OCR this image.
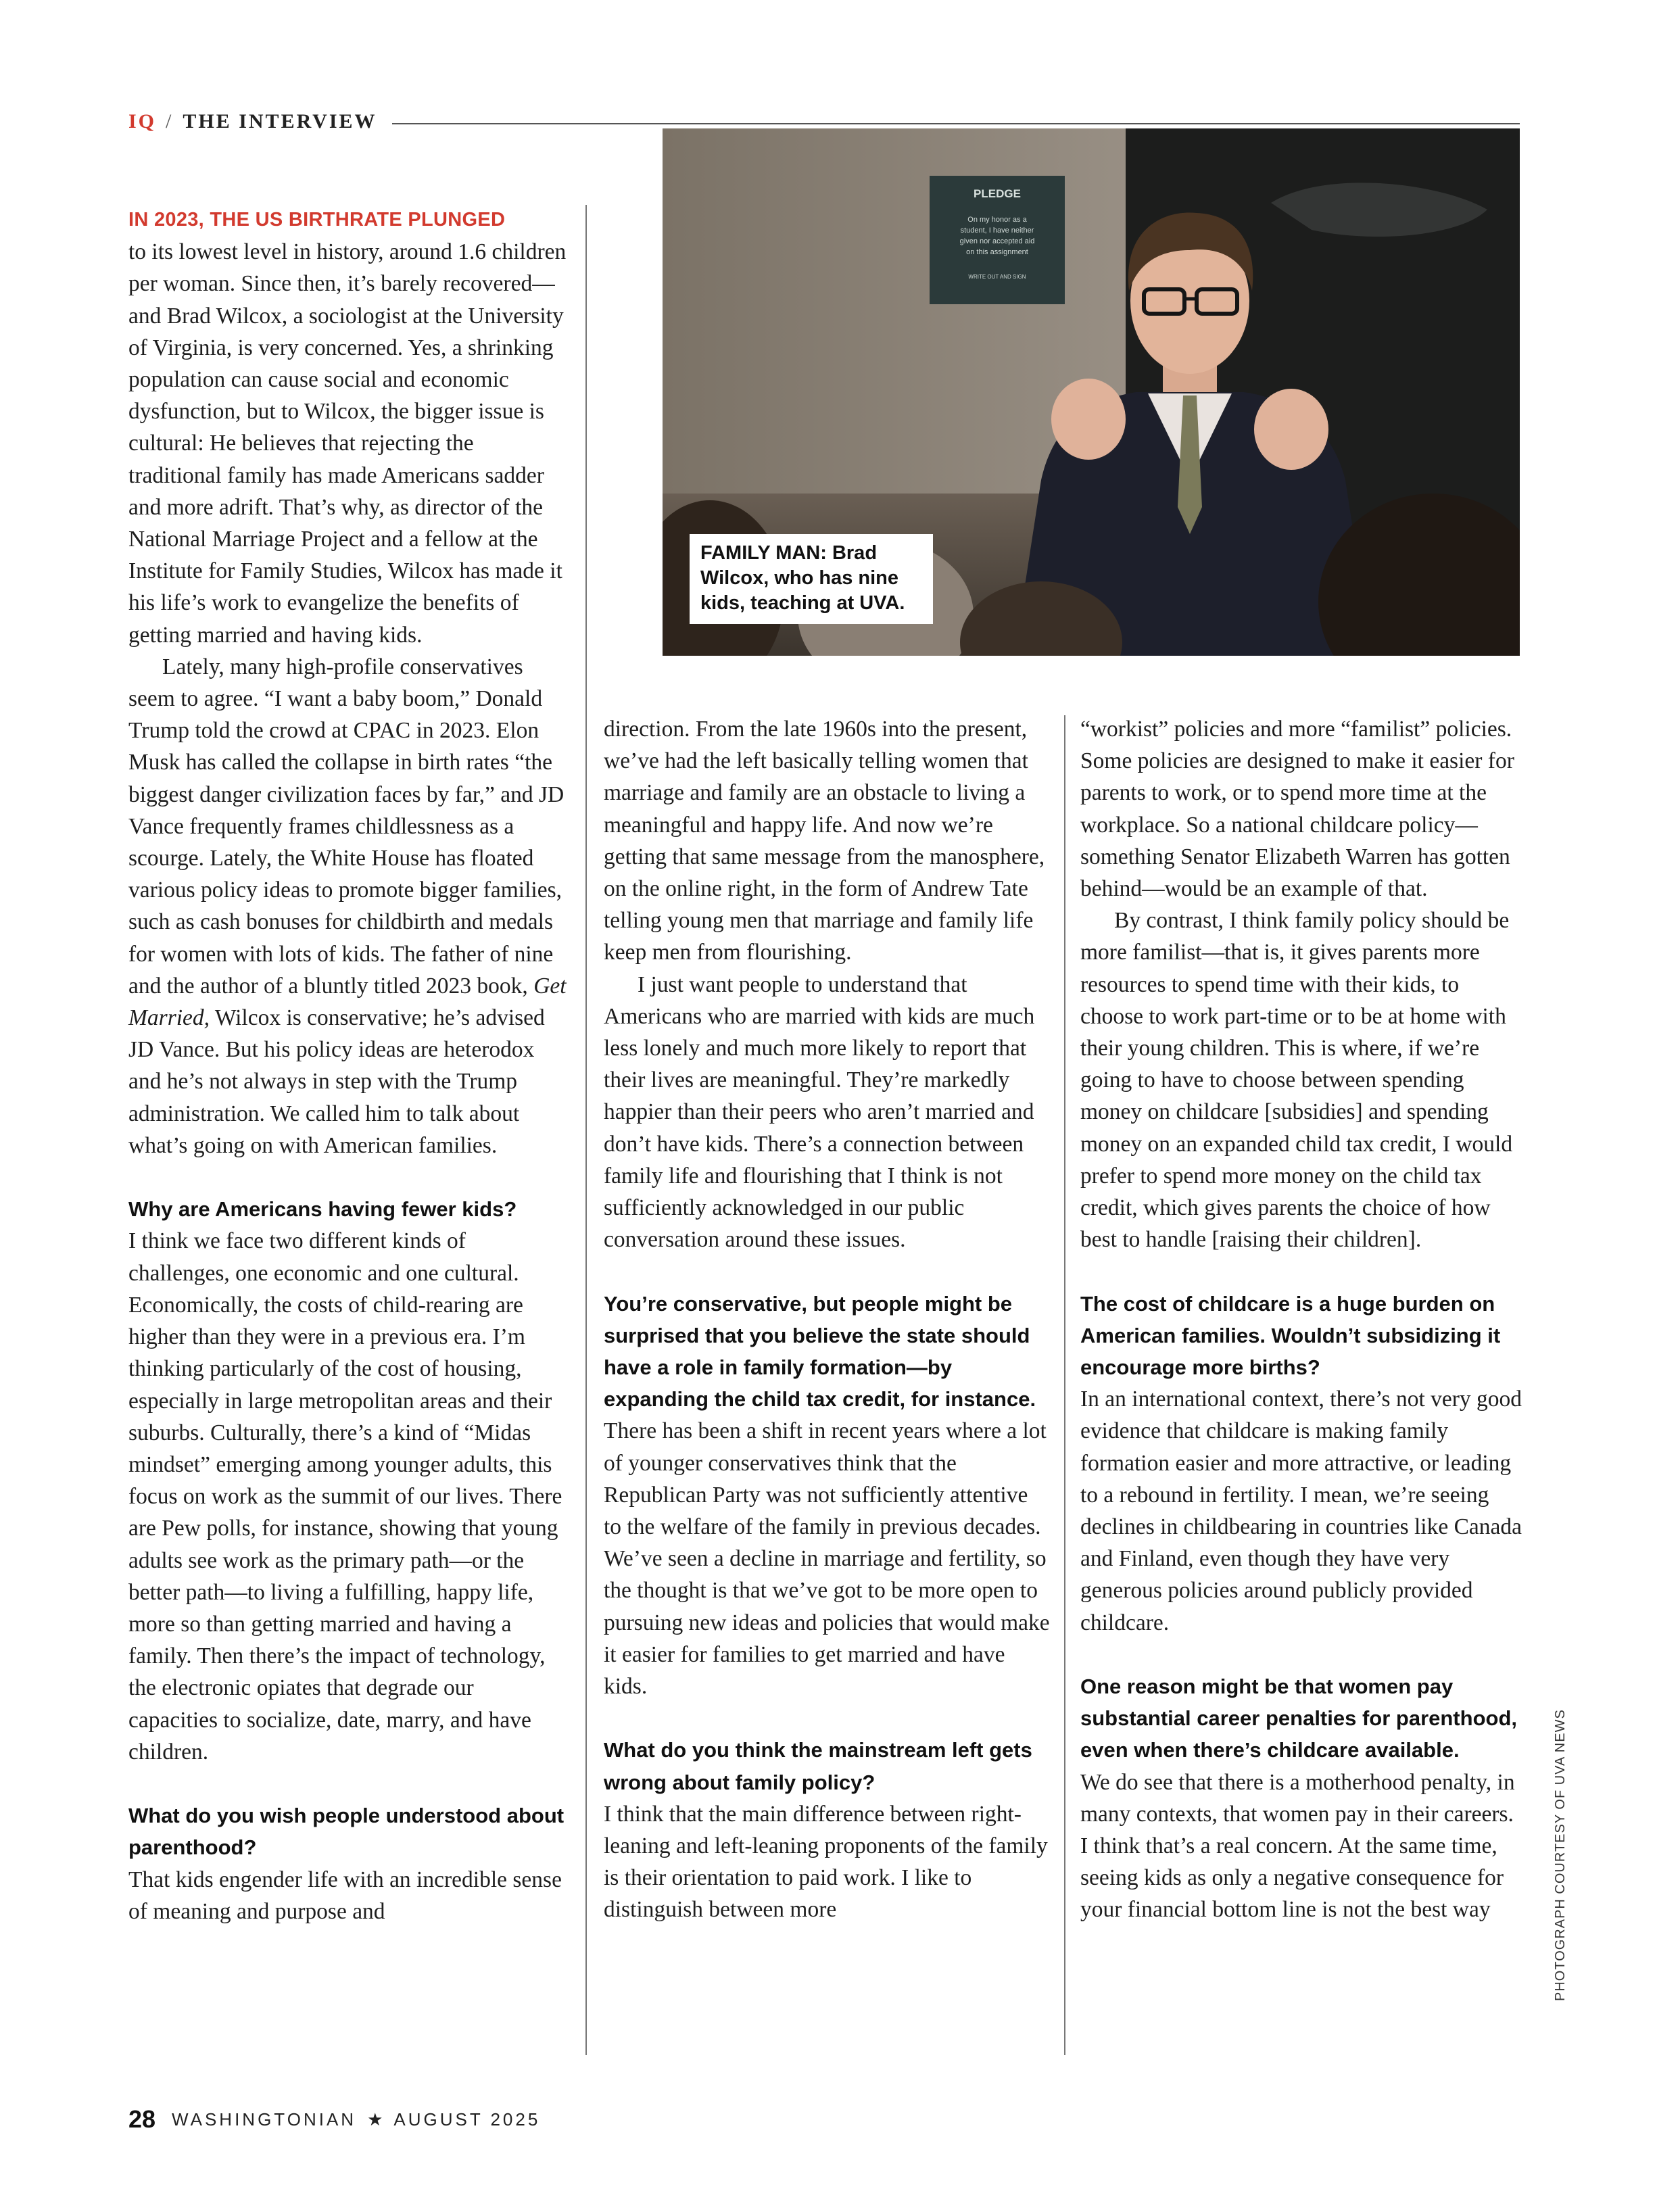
IQ / THE INTERVIEW
PLEDGE
On my honor as a
student, I have neither
given nor accepted aid
on this assignment
WRITE OUT AND SIGN
FAMILY MAN: Brad
Wilcox, who has nine
kids, teaching at UVA.

IN 2023, THE US BIRTHRATE PLUNGED
to its lowest level in history, around 1.6 children per woman. Since then, it’s barely recovered—and Brad Wilcox, a sociologist at the University of Virginia, is very concerned. Yes, a shrinking population can cause social and economic dysfunction, but to Wilcox, the bigger issue is cultural: He believes that rejecting the traditional family has made Americans sadder and more adrift. That’s why, as director of the National Marriage Project and a fellow at the Institute for Family Studies, Wilcox has made it his life’s work to evangelize the benefits of getting married and having kids.

Lately, many high-profile conservatives seem to agree. “I want a baby boom,” Donald Trump told the crowd at CPAC in 2023. Elon Musk has called the collapse in birth rates “the biggest danger civilization faces by far,” and JD Vance frequently frames childlessness as a scourge. Lately, the White House has floated various policy ideas to promote bigger families, such as cash bonuses for childbirth and medals for women with lots of kids. The father of nine and the author of a bluntly titled 2023 book, Get Married, Wilcox is conservative; he’s advised JD Vance. But his policy ideas are heterodox and he’s not always in step with the Trump administration. We called him to talk about what’s going on with American families.

Why are Americans having fewer kids?

I think we face two different kinds of challenges, one economic and one cultural. Economically, the costs of child-rearing are higher than they were in a previous era. I’m thinking particularly of the cost of housing, especially in large metropolitan areas and their suburbs. Culturally, there’s a kind of “Midas mindset” emerging among younger adults, this focus on work as the summit of our lives. There are Pew polls, for instance, showing that young adults see work as the primary path—or the better path—to living a fulfilling, happy life, more so than getting married and having a family. Then there’s the impact of technology, the electronic opiates that degrade our capacities to socialize, date, marry, and have children.

What do you wish people understood about parenthood?

That kids engender life with an incredible sense of meaning and purpose and

direction. From the late 1960s into the present, we’ve had the left basically telling women that marriage and family are an obstacle to living a meaningful and happy life. And now we’re getting that same message from the manosphere, on the online right, in the form of Andrew Tate telling young men that marriage and family life keep men from flourishing.

I just want people to understand that Americans who are married with kids are much less lonely and much more likely to report that their lives are meaningful. They’re markedly happier than their peers who aren’t married and don’t have kids. There’s a connection between family life and flourishing that I think is not sufficiently acknowledged in our public conversation around these issues.

You’re conservative, but people might be surprised that you believe the state should have a role in family formation—by expanding the child tax credit, for instance.

There has been a shift in recent years where a lot of younger conservatives think that the Republican Party was not sufficiently attentive to the welfare of the family in previous decades. We’ve seen a decline in marriage and fertility, so the thought is that we’ve got to be more open to pursuing new ideas and policies that would make it easier for families to get married and have kids.

What do you think the mainstream left gets wrong about family policy?

I think that the main difference between right-leaning and left-leaning proponents of the family is their orientation to paid work. I like to distinguish between more

“workist” policies and more “familist” policies. Some policies are designed to make it easier for parents to work, or to spend more time at the workplace. So a national childcare policy—something Senator Elizabeth Warren has gotten behind—would be an example of that.

By contrast, I think family policy should be more familist—that is, it gives parents more resources to spend time with their kids, to choose to work part-time or to be at home with their young children. This is where, if we’re going to have to choose between spending money on childcare [subsidies] and spending money on an expanded child tax credit, I would prefer to spend more money on the child tax credit, which gives parents the choice of how best to handle [raising their children].

The cost of childcare is a huge burden on American families. Wouldn’t subsidizing it encourage more births?

In an international context, there’s not very good evidence that childcare is making family formation easier and more attractive, or leading to a rebound in fertility. I mean, we’re seeing declines in childbearing in countries like Canada and Finland, even though they have very generous policies around publicly provided childcare.

One reason might be that women pay substantial career penalties for parenthood, even when there’s childcare available.

We do see that there is a motherhood penalty, in many contexts, that women pay in their careers. I think that’s a real concern. At the same time, seeing kids as only a negative consequence for your financial bottom line is not the best way	PHOTOGRAPH COURTESY OF UVA NEWS
28 WASHINGTONIAN ★ AUGUST 2025
